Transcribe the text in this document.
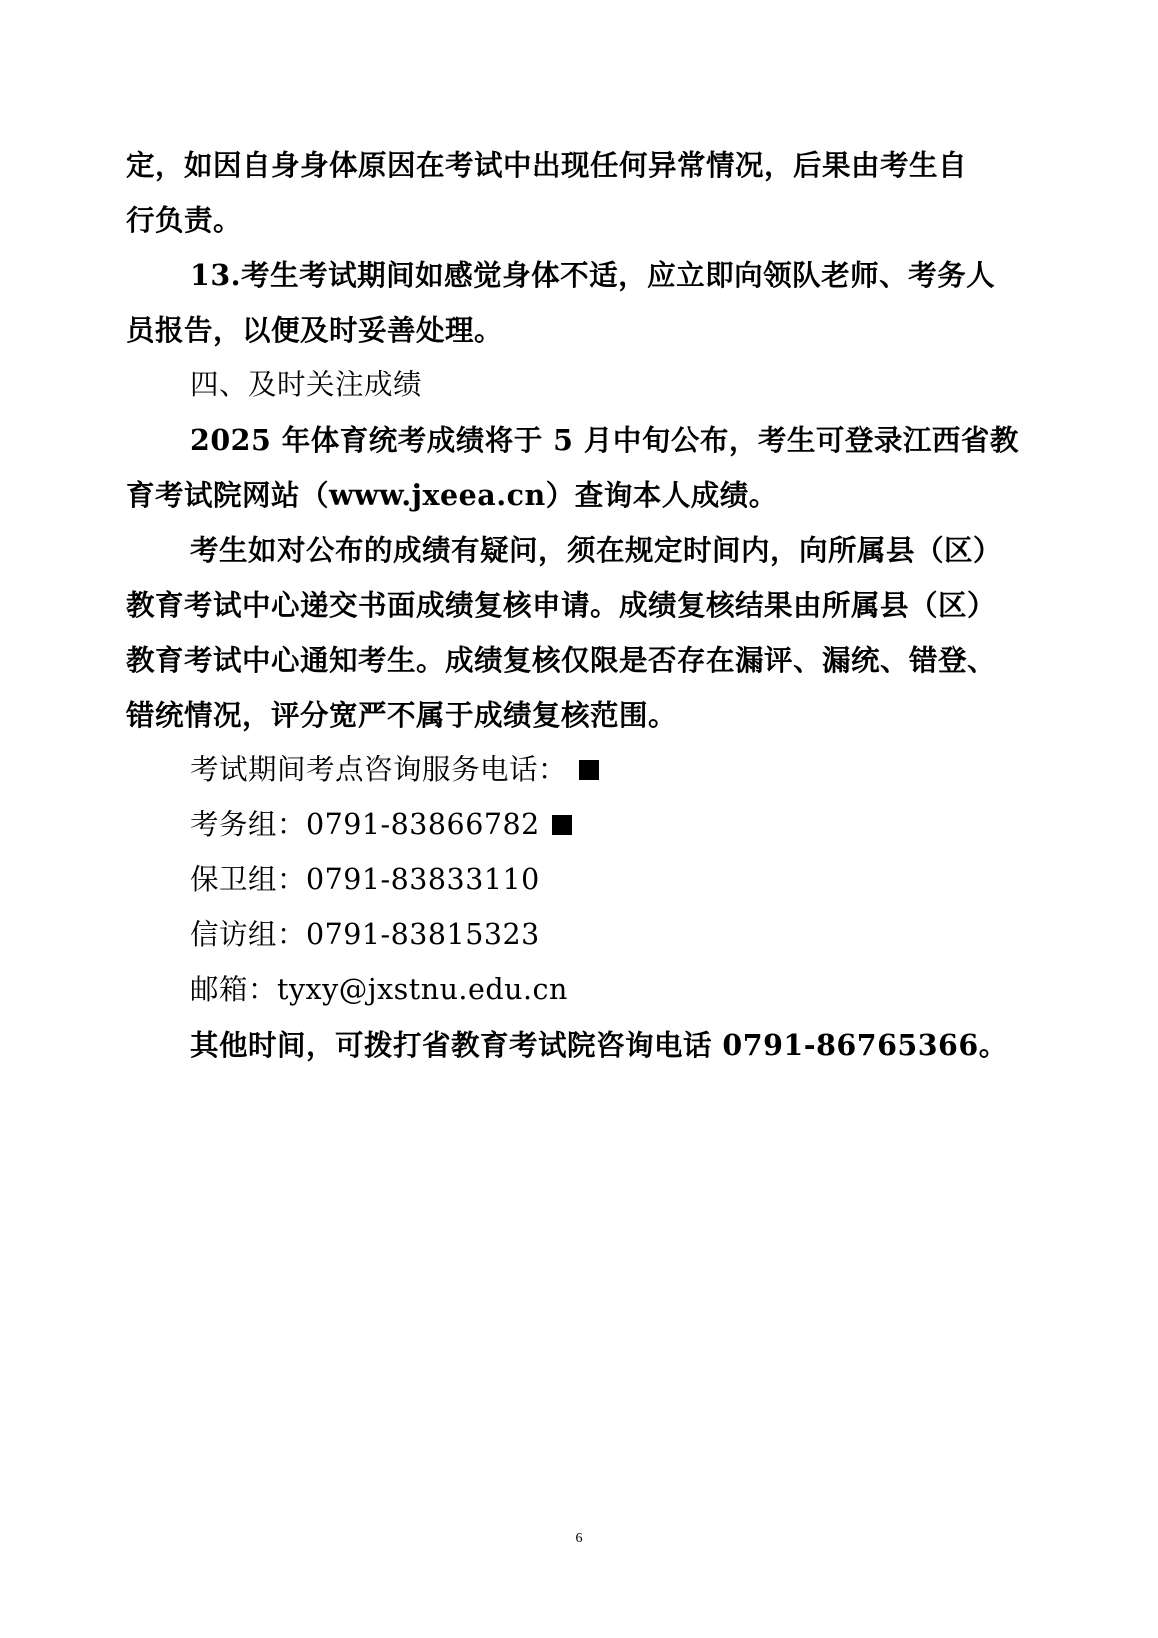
定，如因自身身体原因在考试中出现任何异常情况，后果由考生自
行负责。
13.考生考试期间如感觉身体不适，应立即向领队老师、考务人
员报告，以便及时妥善处理。
四、及时关注成绩
2025 年体育统考成绩将于 5 月中旬公布，考生可登录江西省教
育考试院网站（www.jxeea.cn）查询本人成绩。
考生如对公布的成绩有疑问，须在规定时间内，向所属县（区）
教育考试中心递交书面成绩复核申请。成绩复核结果由所属县（区）
教育考试中心通知考生。成绩复核仅限是否存在漏评、漏统、错登、
错统情况，评分宽严不属于成绩复核范围。
考试期间考点咨询服务电话：
考务组：0791-83866782
保卫组：0791-83833110
信访组：0791-83815323
邮箱：tyxy@jxstnu.edu.cn
其他时间，可拨打省教育考试院咨询电话 0791-86765366。
6
